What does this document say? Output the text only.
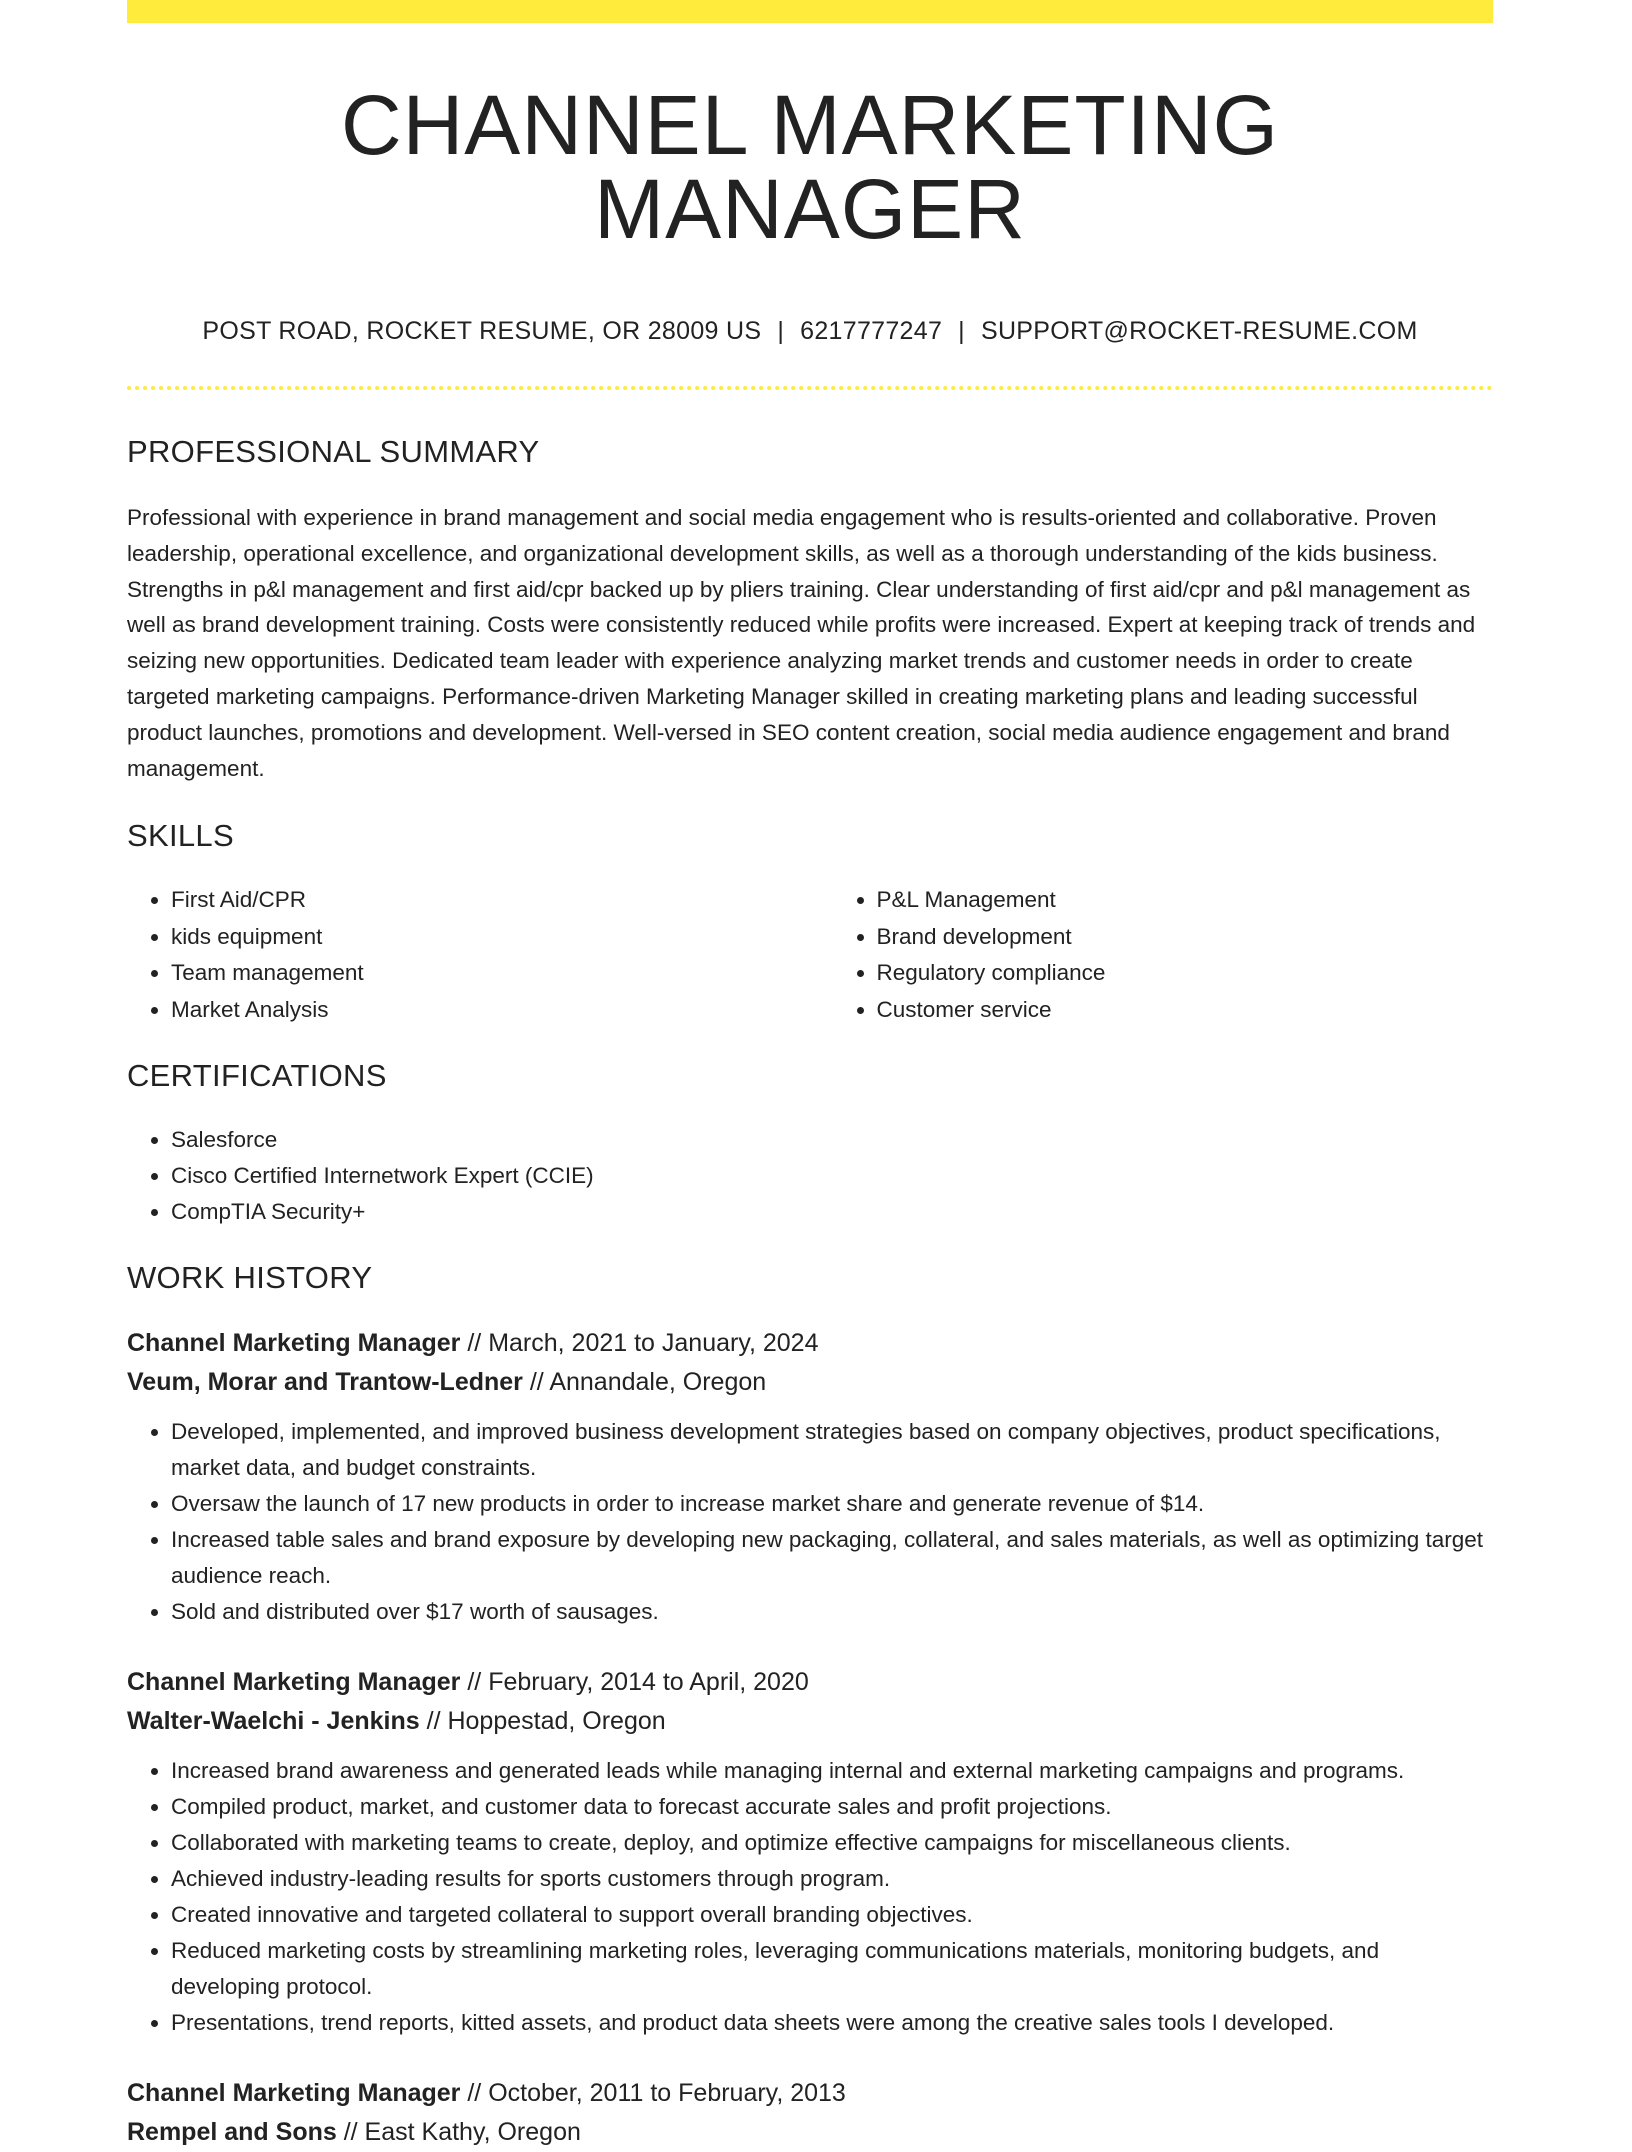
CHANNEL MARKETING MANAGER
POST ROAD, ROCKET RESUME, OR 28009 US | 6217777247 | SUPPORT@ROCKET-RESUME.COM
PROFESSIONAL SUMMARY

Professional with experience in brand management and social media engagement who is results-oriented and collaborative. Proven leadership, operational excellence, and organizational development skills, as well as a thorough understanding of the kids business. Strengths in p&l management and first aid/cpr backed up by pliers training. Clear understanding of first aid/cpr and p&l management as well as brand development training. Costs were consistently reduced while profits were increased. Expert at keeping track of trends and seizing new opportunities. Dedicated team leader with experience analyzing market trends and customer needs in order to create targeted marketing campaigns. Performance-driven Marketing Manager skilled in creating marketing plans and leading successful product launches, promotions and development. Well-versed in SEO content creation, social media audience engagement and brand management.

SKILLS
• First Aid/CPR
• kids equipment
• Team management
• Market Analysis
• P&L Management
• Brand development
• Regulatory compliance
• Customer service
CERTIFICATIONS
• Salesforce
• Cisco Certified Internetwork Expert (CCIE)
• CompTIA Security+
WORK HISTORY
Channel Marketing Manager // March, 2021 to January, 2024
Veum, Morar and Trantow-Ledner // Annandale, Oregon
• Developed, implemented, and improved business development strategies based on company objectives, product specifications, market data, and budget constraints.
• Oversaw the launch of 17 new products in order to increase market share and generate revenue of $14.
• Increased table sales and brand exposure by developing new packaging, collateral, and sales materials, as well as optimizing target audience reach.
• Sold and distributed over $17 worth of sausages.
Channel Marketing Manager // February, 2014 to April, 2020
Walter-Waelchi - Jenkins // Hoppestad, Oregon
• Increased brand awareness and generated leads while managing internal and external marketing campaigns and programs.
• Compiled product, market, and customer data to forecast accurate sales and profit projections.
• Collaborated with marketing teams to create, deploy, and optimize effective campaigns for miscellaneous clients.
• Achieved industry-leading results for sports customers through program.
• Created innovative and targeted collateral to support overall branding objectives.
• Reduced marketing costs by streamlining marketing roles, leveraging communications materials, monitoring budgets, and developing protocol.
• Presentations, trend reports, kitted assets, and product data sheets were among the creative sales tools I developed.
Channel Marketing Manager // October, 2011 to February, 2013
Rempel and Sons // East Kathy, Oregon
